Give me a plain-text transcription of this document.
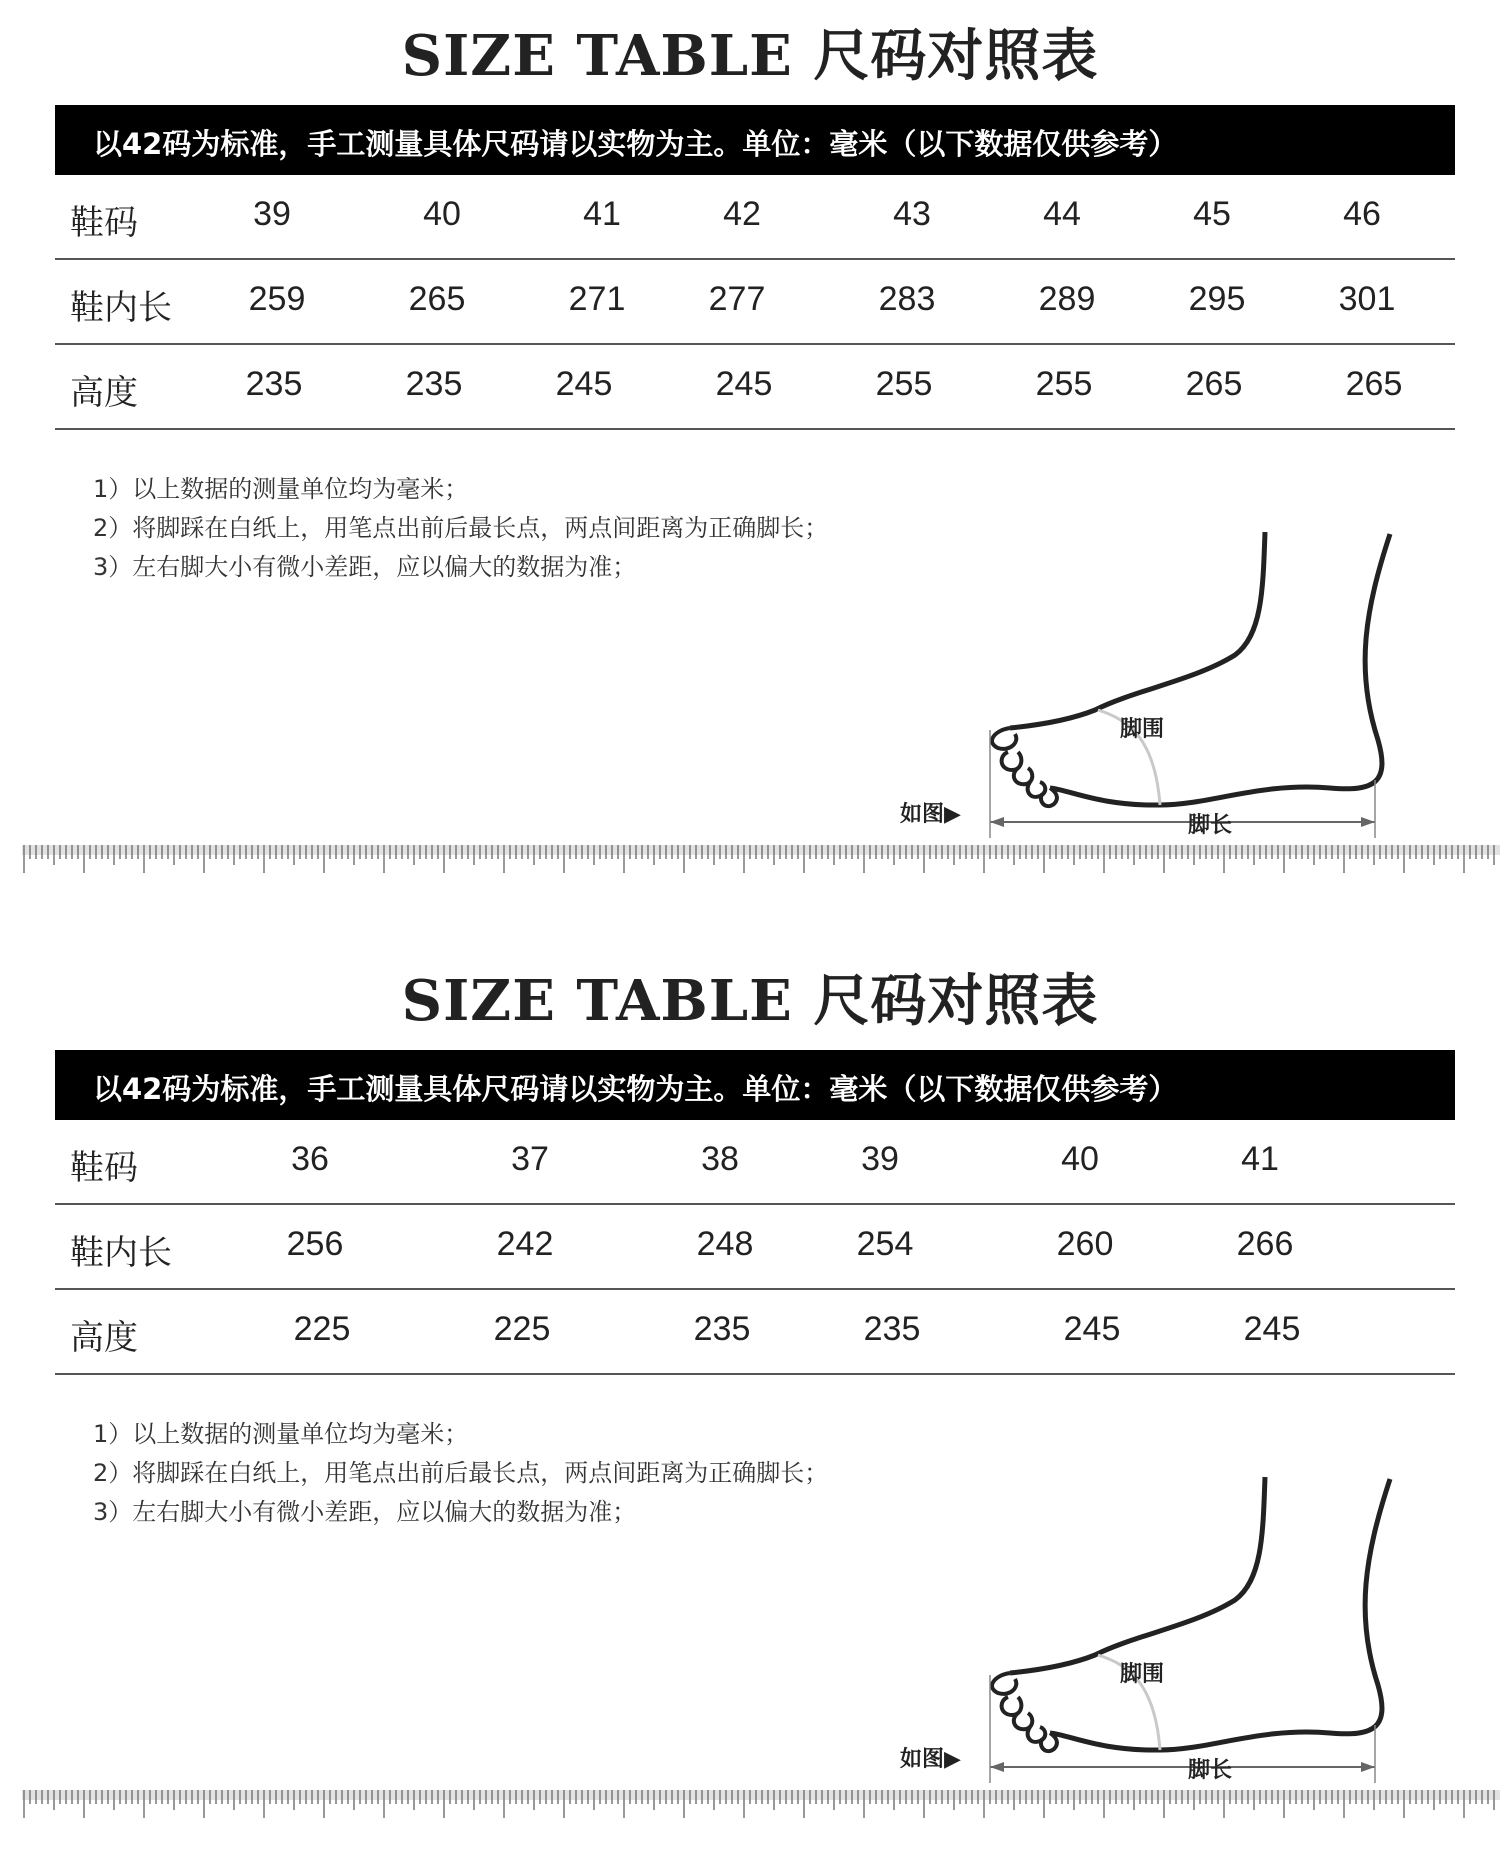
SIZE TABLE 尺码对照表
以42码为标准，手工测量具体尺码请以实物为主。单位：毫米（以下数据仅供参考）
鞋码	39	40	41	42	43	44	45	46
鞋内长	259	265	271	277	283	289	295	301
高度	235	235	245	245	255	255	265	265
1）以上数据的测量单位均为毫米；
2）将脚踩在白纸上，用笔点出前后最长点，两点间距离为正确脚长；
3）左右脚大小有微小差距，应以偏大的数据为准；
如图▶
脚围
脚长
SIZE TABLE 尺码对照表
以42码为标准，手工测量具体尺码请以实物为主。单位：毫米（以下数据仅供参考）
鞋码	36	37	38	39	40	41
鞋内长	256	242	248	254	260	266
高度	225	225	235	235	245	245
1）以上数据的测量单位均为毫米；
2）将脚踩在白纸上，用笔点出前后最长点，两点间距离为正确脚长；
3）左右脚大小有微小差距，应以偏大的数据为准；
如图▶
脚围
脚长
